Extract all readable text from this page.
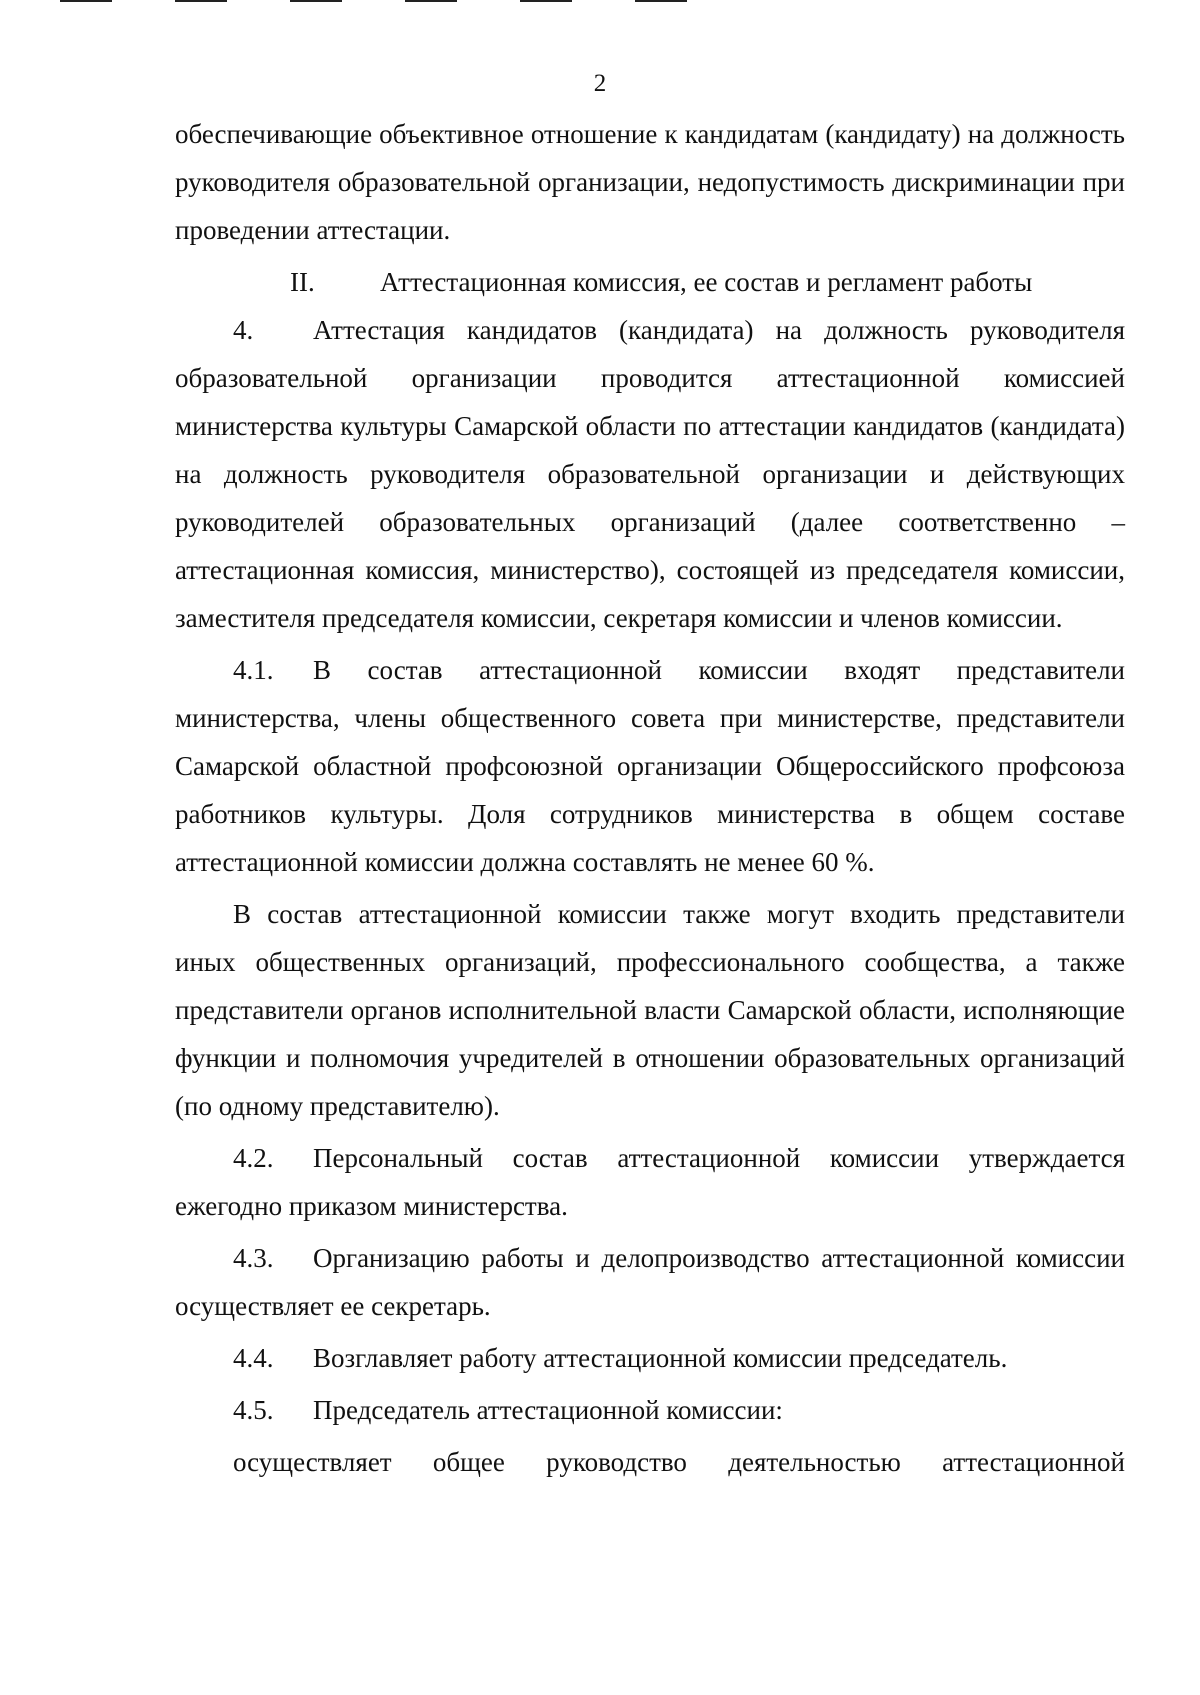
2

обеспечивающие объективное отношение к кандидатам (кандидату) на должность руководителя образовательной организации, недопустимость дискриминации при проведении аттестации.

II. Аттестационная комиссия, ее состав и регламент работы

4. Аттестация кандидатов (кандидата) на должность руководителя образовательной организации проводится аттестационной комиссией министерства культуры Самарской области по аттестации кандидатов (кандидата) на должность руководителя образовательной организации и действующих руководителей образовательных организаций (далее соответственно – аттестационная комиссия, министерство), состоящей из председателя комиссии, заместителя председателя комиссии, секретаря комиссии и членов комиссии.

4.1. В состав аттестационной комиссии входят представители министерства, члены общественного совета при министерстве, представители Самарской областной профсоюзной организации Общероссийского профсоюза работников культуры. Доля сотрудников министерства в общем составе аттестационной комиссии должна составлять не менее 60 %.

В состав аттестационной комиссии также могут входить представители иных общественных организаций, профессионального сообщества, а также представители органов исполнительной власти Самарской области, исполняющие функции и полномочия учредителей в отношении образовательных организаций (по одному представителю).

4.2. Персональный состав аттестационной комиссии утверждается ежегодно приказом министерства.

4.3. Организацию работы и делопроизводство аттестационной комиссии осуществляет ее секретарь.

4.4. Возглавляет работу аттестационной комиссии председатель.

4.5. Председатель аттестационной комиссии:

осуществляет общее руководство деятельностью аттестационной
